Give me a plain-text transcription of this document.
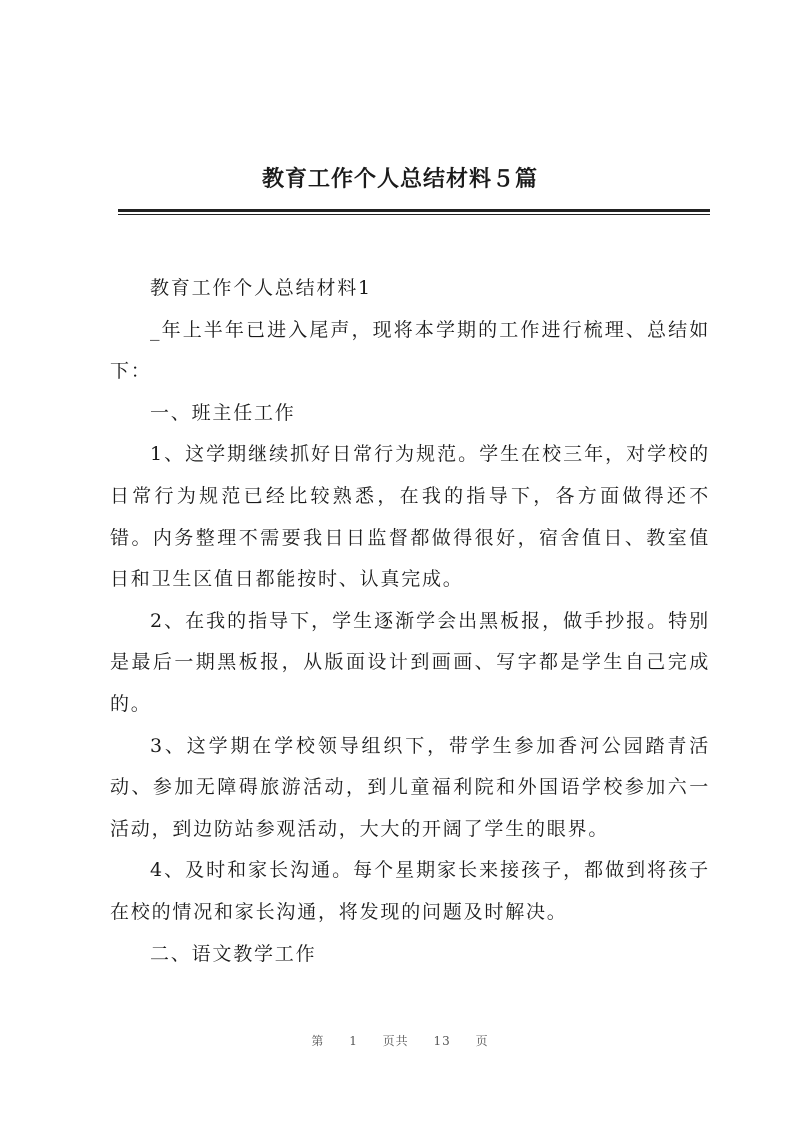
教育工作个人总结材料５篇

教育工作个人总结材料1

_年上半年已进入尾声，现将本学期的工作进行梳理、总结如下：

一、班主任工作

1、这学期继续抓好日常行为规范。学生在校三年，对学校的日常行为规范已经比较熟悉，在我的指导下，各方面做得还不错。内务整理不需要我日日监督都做得很好，宿舍值日、教室值日和卫生区值日都能按时、认真完成。

2、在我的指导下，学生逐渐学会出黑板报，做手抄报。特别是最后一期黑板报，从版面设计到画画、写字都是学生自己完成的。

3、这学期在学校领导组织下，带学生参加香河公园踏青活动、参加无障碍旅游活动，到儿童福利院和外国语学校参加六一活动，到边防站参观活动，大大的开阔了学生的眼界。

4、及时和家长沟通。每个星期家长来接孩子，都做到将孩子在校的情况和家长沟通，将发现的问题及时解决。

二、语文教学工作

第 1 页共 13 页
